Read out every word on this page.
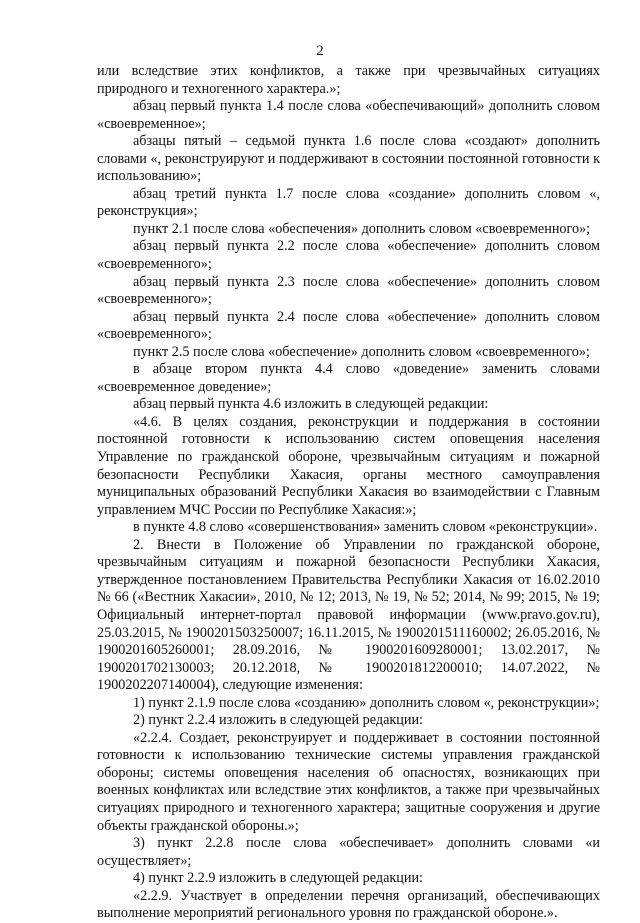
2

или вследствие этих конфликтов, а также при чрезвычайных ситуациях природного и техногенного характера.»;

абзац первый пункта 1.4 после слова «обеспечивающий» дополнить словом «своевременное»;

абзацы пятый – седьмой пункта 1.6 после слова «создают» дополнить словами «, реконструируют и поддерживают в состоянии постоянной готовности к использованию»;

абзац третий пункта 1.7 после слова «создание» дополнить словом «, реконструкция»;

пункт 2.1 после слова «обеспечения» дополнить словом «своевременного»;

абзац первый пункта 2.2 после слова «обеспечение» дополнить словом «своевременного»;

абзац первый пункта 2.3 после слова «обеспечение» дополнить словом «своевременного»;

абзац первый пункта 2.4 после слова «обеспечение» дополнить словом «своевременного»;

пункт 2.5 после слова «обеспечение» дополнить словом «своевременного»;

в абзаце втором пункта 4.4 слово «доведение» заменить словами «своевременное доведение»;

абзац первый пункта 4.6 изложить в следующей редакции:

«4.6. В целях создания, реконструкции и поддержания в состоянии постоянной готовности к использованию систем оповещения населения Управление по гражданской обороне, чрезвычайным ситуациям и пожарной безопасности Республики Хакасия, органы местного самоуправления муниципальных образований Республики Хакасия во взаимодействии с Главным управлением МЧС России по Республике Хакасия:»;

в пункте 4.8 слово «совершенствования» заменить словом «реконструкции».

2. Внести в Положение об Управлении по гражданской обороне, чрезвычайным ситуациям и пожарной безопасности Республики Хакасия, утвержденное постановлением Правительства Республики Хакасия от 16.02.2010 № 66 («Вестник Хакасии», 2010, № 12; 2013, № 19, № 52; 2014, № 99; 2015, № 19; Официальный интернет-портал правовой информации (www.pravo.gov.ru), 25.03.2015, № 1900201503250007; 16.11.2015, № 1900201511160002; 26.05.2016, № 1900201605260001; 28.09.2016, № 1900201609280001; 13.02.2017, № 1900201702130003; 20.12.2018, № 1900201812200010; 14.07.2022, № 1900202207140004), следующие изменения:

1) пункт 2.1.9 после слова «созданию» дополнить словом «, реконструкции»;

2) пункт 2.2.4 изложить в следующей редакции:

«2.2.4. Создает, реконструирует и поддерживает в состоянии постоянной готовности к использованию технические системы управления гражданской обороны; системы оповещения населения об опасностях, возникающих при военных конфликтах или вследствие этих конфликтов, а также при чрезвычайных ситуациях природного и техногенного характера; защитные сооружения и другие объекты гражданской обороны.»;

3) пункт 2.2.8 после слова «обеспечивает» дополнить словами «и осуществляет»;

4) пункт 2.2.9 изложить в следующей редакции:

«2.2.9. Участвует в определении перечня организаций, обеспечивающих выполнение мероприятий регионального уровня по гражданской обороне.».
